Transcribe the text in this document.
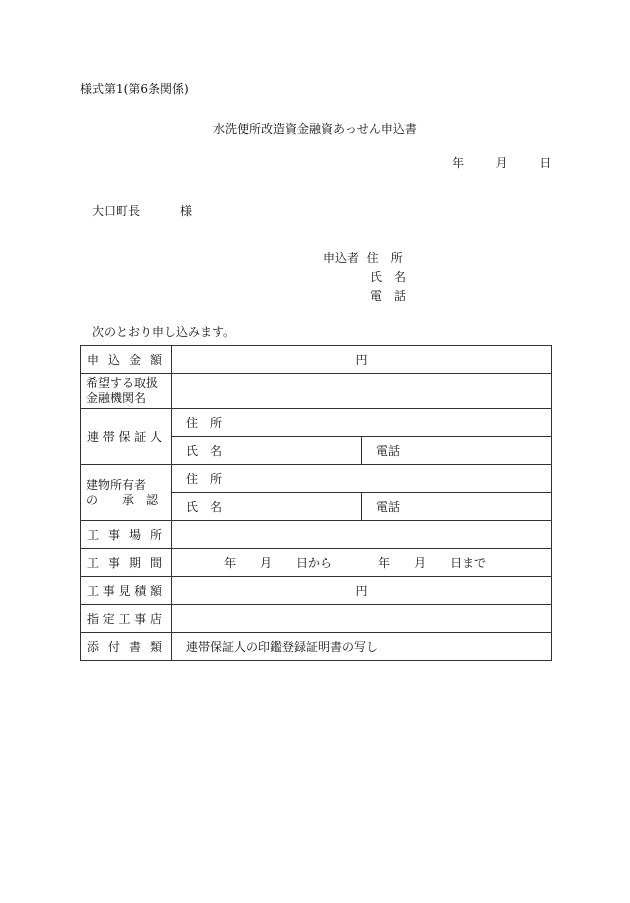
様式第1(第6条関係)
水洗便所改造資金融資あっせん申込書
年	月	日
大口町長	様
申込者 住　所
氏　名
電　話
次のとおり申し込みます。
申 込 金 額	円	

希望する取扱
金融機関名		

連 帯 保 証 人	住　所	
	氏　名	電話

建物所有者
の　　承　認	住　所	
	氏　名	電話

工 事 場 所		

工 事 期 間	年 月 日から 年 月 日まで	

工 事 見 積 額	円	

指 定 工 事 店		

添 付 書 類	連帯保証人の印鑑登録証明書の写し	
